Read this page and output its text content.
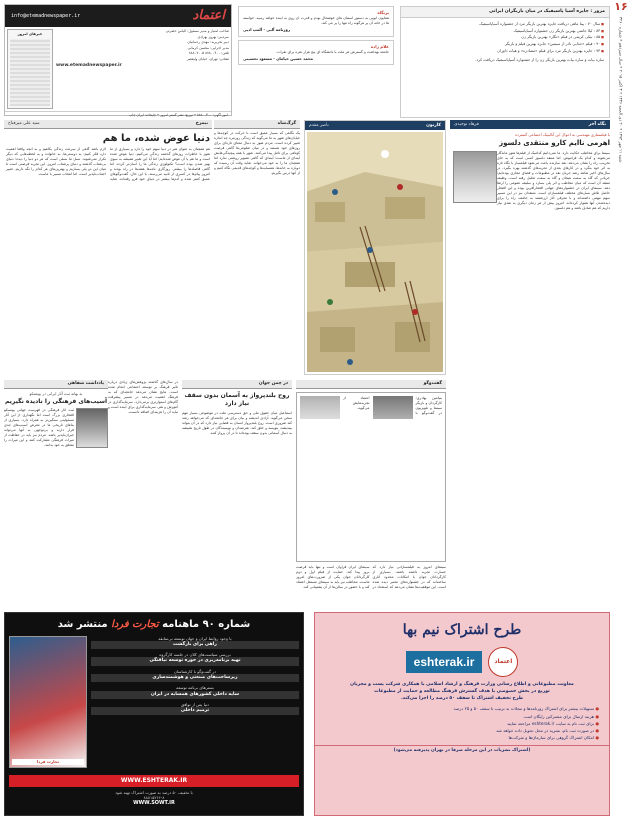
۱۶
شنبه ۱۱ مهر ۱۳۹۴ • ۲۰ ذی الحجه ۱۴۳۶ • ۳ اکتبر ۲۰۱۵ • سال سیزدهم • شماره ۳۲۶۰
مرور : جایزه آسیا پاسیفیک در میان بازیگران ایرانی
■ سال ۷۰ : پیتا ماهی دریافت جایزه بهترین بازیگر مرد از جشنواره آسیاپاسیفیک
■ ۸۳ : لیلا حاتمی بهترین بازیگر زن جشنواره آسیاپاسیفیک
■ ۸۵ : نیکی کریمی در فیلم «نگار» بهترین بازیگر زن
■ ۹۰ : فیلم «جدایی نادر از سیمین» جایزه بهترین فیلم و بازیگر
■ ۹۳ : جایزه بهترین بازیگر مرد برای فیلم «مصادره» و هیات داوران
ساره بیات و ساره بیات بهترین بازیگر زن را از جشنواره آسیاپاسیفیک دریافت کرد.
برنگاه
همایون ایوبی به دستور آسمان های خوشحال بودم و قدرت آن روی به آینده خواهد رسید. خواسته ها در خانه آن پر هرگونه راه تنها را پر می کند.
روزنامه آلبی - آلمپ ادیی
غلام زاده
جامعه بهداشت و گسترش هر ملت با دانشگاه ای پنج هزار نفره برای نفرات.
محمد حسین خیامان - مسعود تحسینی
info@etemadnewspaper.ir	اعتماد
صاحب امتیاز و مدیر مسئول: الیاس حضرتی
سردبیر: بهروز بهزادی
دبیر تحریریه: مهدی رحمانیان
مدیر اجرایی: محسن کرمانی
تلفن: ۸۸۸۰۰۴۰۰ ۸۸۸۰۷۰۰۵
نشانی: تهران، خیابان ولیعصر
www.etemadnewspaper.ir
خبرهای امروز
امور آگهی: ۸۸۸۰۰۴۰۰ • توزیع: نشر گستر امروز • چاپخانه: ایران چاپ
نگاه آخر
فرهاد توحیدی
با فیلمسازی مهندسی به احوال این آنالیتیک اجتماعی گسترده
اهرمی ناایم کارو منتقدی دلسوز
سینما برای مخاطب حکایت دارد. ما نمی‌دانیم کدامیک از فیلم‌ها هنوز ماندگار می‌شوند و کدام یک فراموش. اما منتقد دلسوز کسی است که به جای تخریب، راه را نشان می‌دهد. نقد سازنده باعث می‌شود فیلمساز با نگاه تازه به اثر خود بنگرد و در کارهای بعدی از تجربه‌های گذشته بهره بگیرد. در سال‌های اخیر شاهد رشد جریان نقد در مطبوعات و فضای مجازی بوده‌ایم؛ جریانی که گاه به سمت هیجان و گاه به سمت تحلیل رفته است. وظیفه منتقد آن است که میان مخاطب و اثر پلی بسازد و سلیقه عمومی را ارتقا دهد. سینمای ایران در جشنواره‌های جهانی افتخارآفرین بوده و این افتخار حاصل تلاش نسل‌های مختلف فیلمسازان است. منتقدان نیز در این مسیر سهم مهمی داشته‌اند و با معرفی آثار ارزشمند به جامعه، راه را برای دیده‌شدن آنها هموار کرده‌اند. امروز بیش از هر زمان دیگری به نقدی نیاز داریم که هم صادق باشد و هم دلسوز.
کارتون
ناصر مقدم
گرگ‌شاه
یک نگاهی که بسیار عمیق است با حرکت در کوچه‌ها و خیابان‌های شهر به ما می‌گوید که زندگی روزمره چه اندازه تغییر کرده است. مردم هنوز به دنبال معنای تازه‌ای برای روزهای خود هستند و در میان شلوغی‌ها گاهی فرصت کوتاهی برای تامل پیدا می‌کنند. شهر با همه پیچیدگی‌هایش آینه‌ای از ماست؛ آینه‌ای که گاهی تصویر روشنی ندارد اما همچنان ما را به خود می‌خواند. شاید وقت آن رسیده که دوباره به خانه‌ها، همسایه‌ها و کوچه‌های قدیمی نگاه کنیم و از آنها درس بگیریم.
نیمرخ
سید علی میرفتاح
دنیا عوض شده، ما هم
هم همچنان به عنوان هنر در دنیا سهم خود را دارد و بسیاری از ما هنوز با خاطرات روزهای گذشته زندگی می‌کنیم. دنیا عوض شده است و ما هم با آن عوض شده‌ایم؛ اما آیا این تغییر همیشه به سوی بهتر شدن بوده است؟ تکنولوژی زندگی ما را آسان‌تر کرده، اما گاهی فاصله‌ها را بیشتر. روزگاری نامه‌ها هفته‌ها در راه بودند و امروز پیام‌ها در کسری از ثانیه می‌رسند. با این حال، گفت‌وگوهای عمیق کمتر شده و آدم‌ها بیشتر در دنیای خود فرو رفته‌اند. شاید لازم باشد گاهی از سرعت زندگی بکاهیم و به آنچه واقعا اهمیت دارد فکر کنیم: به دوستی‌ها، به خانواده و به لحظه‌هایی که دیگر تکرار نمی‌شوند. نسل ما نسلی است که هر دو دنیا را دیده؛ دنیای بی‌شتاب گذشته و دنیای پرشتاب امروز. این تجربه فرصتی است تا میان این دو پلی بسازیم و بهترین‌های هر کدام را نگه داریم. تغییر اجتناب‌ناپذیر است، اما انتخاب مسیر با ماست.
گفت‌وگو
بنیامین بهادری؛ کارگردان و بازیگر سینما و تلویزیون در گفت‌وگو با اعتماد از تجربه‌هایش می‌گوید.
سینمای امروز به فیلمسازانی نیاز دارد که جسارت تجربه داشته باشند. بسیاری از کارگردانان جوان با امکانات محدود آثاری ساخته‌اند که در جشنواره‌های معتبر دیده شده است. این موفقیت‌ها نشان می‌دهد که استعداد در سینمای ایران فراوان است و تنها باید فرصت بروز پیدا کند. حمایت از فیلم اول و دوم کارگردانان جوان یکی از ضرورت‌های امروز ماست. مخاطب نیز باید به سینمای مستقل اعتماد کند و با حضور در سالن‌ها از آن پشتیبانی کند.
در چمن جوان
روح بلندپرواز به آسمان بدون سقف نیاز دارد
اسماعیل میان حقوق ملی و حق دسترسی ملت در موضوعی بسیار مهم سخن می‌گوید. آزادی اندیشه و بیان برای هر جامعه‌ای که می‌خواهد رشد کند ضروری است. روح بلندپرواز انسان به فضایی نیاز دارد که در آن بتواند بیندیشد، بنویسد و خلق کند. هنرمندان و نویسندگان در طول تاریخ همیشه به دنبال آسمانی بدون سقف بوده‌اند تا در آن پرواز کنند.
در سال‌های گذشته پژوهش‌های زیادی درباره تاثیر فرهنگ بر توسعه اجتماعی انجام شده است. نتایج نشان می‌دهد جامعه‌ای که به فرهنگ اهمیت می‌دهد در مسیر پیشرفت گام‌های استوارتری برمی‌دارد. سرمایه‌گذاری در آموزش و هنر، سرمایه‌گذاری برای آینده است و نباید آن را هزینه‌ای اضافه دانست.
یادداشت شفاهی
به بهانه ثبت آثار ایرانی در یونسکو
آسیب‌های فرهنگی را نادیده نگیریم
ثبت آثار فرهنگی در فهرست جهانی یونسکو افتخاری بزرگ است اما نگهداری از این آثار مسئولیتی سنگین‌تر به همراه دارد. بسیاری از بناهای تاریخی ما در معرض آسیب‌های جدی قرار دارند و بی‌توجهی به آنها می‌تواند جبران‌ناپذیر باشد. مردم نیز باید در حفاظت از میراث فرهنگی مشارکت کنند و این میراث را متعلق به خود بدانند.
طرح اشتراک نیم بها
اعتماد
eshterak.ir
معاونت مطبوعاتی و اطلاع رسانی وزارت فرهنگ و ارشاد اسلامی با همکاری شرکت پست و مجریان
توزیع در بخش خصوصی با هدف گسترش فرهنگ مطالعه و حمایت از مطبوعات
طرح تخفیف اشتراک تا سقف ۵۰ درصد را اجرا می‌کند.
● تسهیلات بیشتر برای اشتراک روزنامه‌ها و مجلات به ترتیب تا سقف ۵۰ و ۲۵ درصد
● هزینه ارسال برای مشترکین رایگان است
● برای ثبت نام به سایت eshterak.ir مراجعه نمایید
● در صورت ثبت نام، نشریه در محل تحویل داده خواهد شد
● امکان اشتراک گروهی برای سازمان‌ها و شرکت‌ها
(اشتراک نشریات در این مرحله صرفا در تهران پذیرفته می‌شود)
شماره ۹۰ ماهنامه تجارت فردا منتشر شد
با وجود روابط ایران و جهان توسعه بی‌سابقه
راهی برای بازگشت
بررسی سیاست‌های کلان در جلسه کارگروه
تهیه برنامه‌ریزی در حوزه توسعه نیافتگی
در گفت‌وگو با کارشناسان
زیرساخت‌های صنعتی و هوشمند‌سازی
بسترهای برنامه توسعه
سایه داخلی کشورهای همسایه در ایران
دنیا پس از توافق
ترمیم داخلی
تجارت فردا
WWW.ESHTERAK.IR
با تخفیف ۵۰ درصد به صورت اشتراک تهیه شود
۸۸۸۱۵۲۶۶-۸
WWW.SOWT.IR
